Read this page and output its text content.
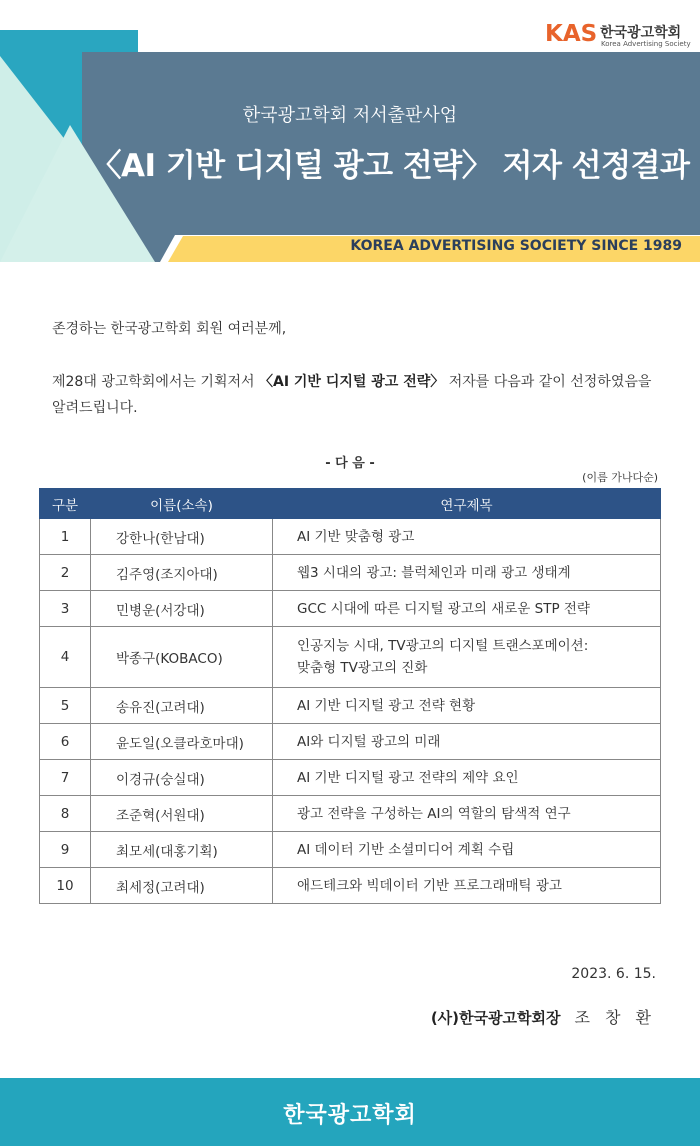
KAS 한국광고학회
Korea Advertising Society
한국광고학회 저서출판사업
〈AI 기반 디지털 광고 전략〉 저자 선정결과
KOREA ADVERTISING SOCIETY SINCE 1989
존경하는 한국광고학회 회원 여러분께,
제28대 광고학회에서는 기획저서 〈AI 기반 디지털 광고 전략〉 저자를 다음과 같이 선정하였음을
알려드립니다.
- 다 음 -
(이름 가나다순)
구분	이름(소속)	연구제목
1	강한나(한남대)	AI 기반 맞춤형 광고
2	김주영(조지아대)	웹3 시대의 광고: 블럭체인과 미래 광고 생태계
3	민병운(서강대)	GCC 시대에 따른 디지털 광고의 새로운 STP 전략
4	박종구(KOBACO)	인공지능 시대, TV광고의 디지털 트랜스포메이션:
맞춤형 TV광고의 진화

5	송유진(고려대)	AI 기반 디지털 광고 전략 현황
6	윤도일(오클라호마대)	AI와 디지털 광고의 미래
7	이경규(숭실대)	AI 기반 디지털 광고 전략의 제약 요인
8	조준혁(서원대)	광고 전략을 구성하는 AI의 역할의 탐색적 연구
9	최모세(대홍기획)	AI 데이터 기반 소셜미디어 계획 수립
10	최세정(고려대)	애드테크와 빅데이터 기반 프로그래매틱 광고
2023. 6. 15.
(사)한국광고학회장 조 창 환
한국광고학회
